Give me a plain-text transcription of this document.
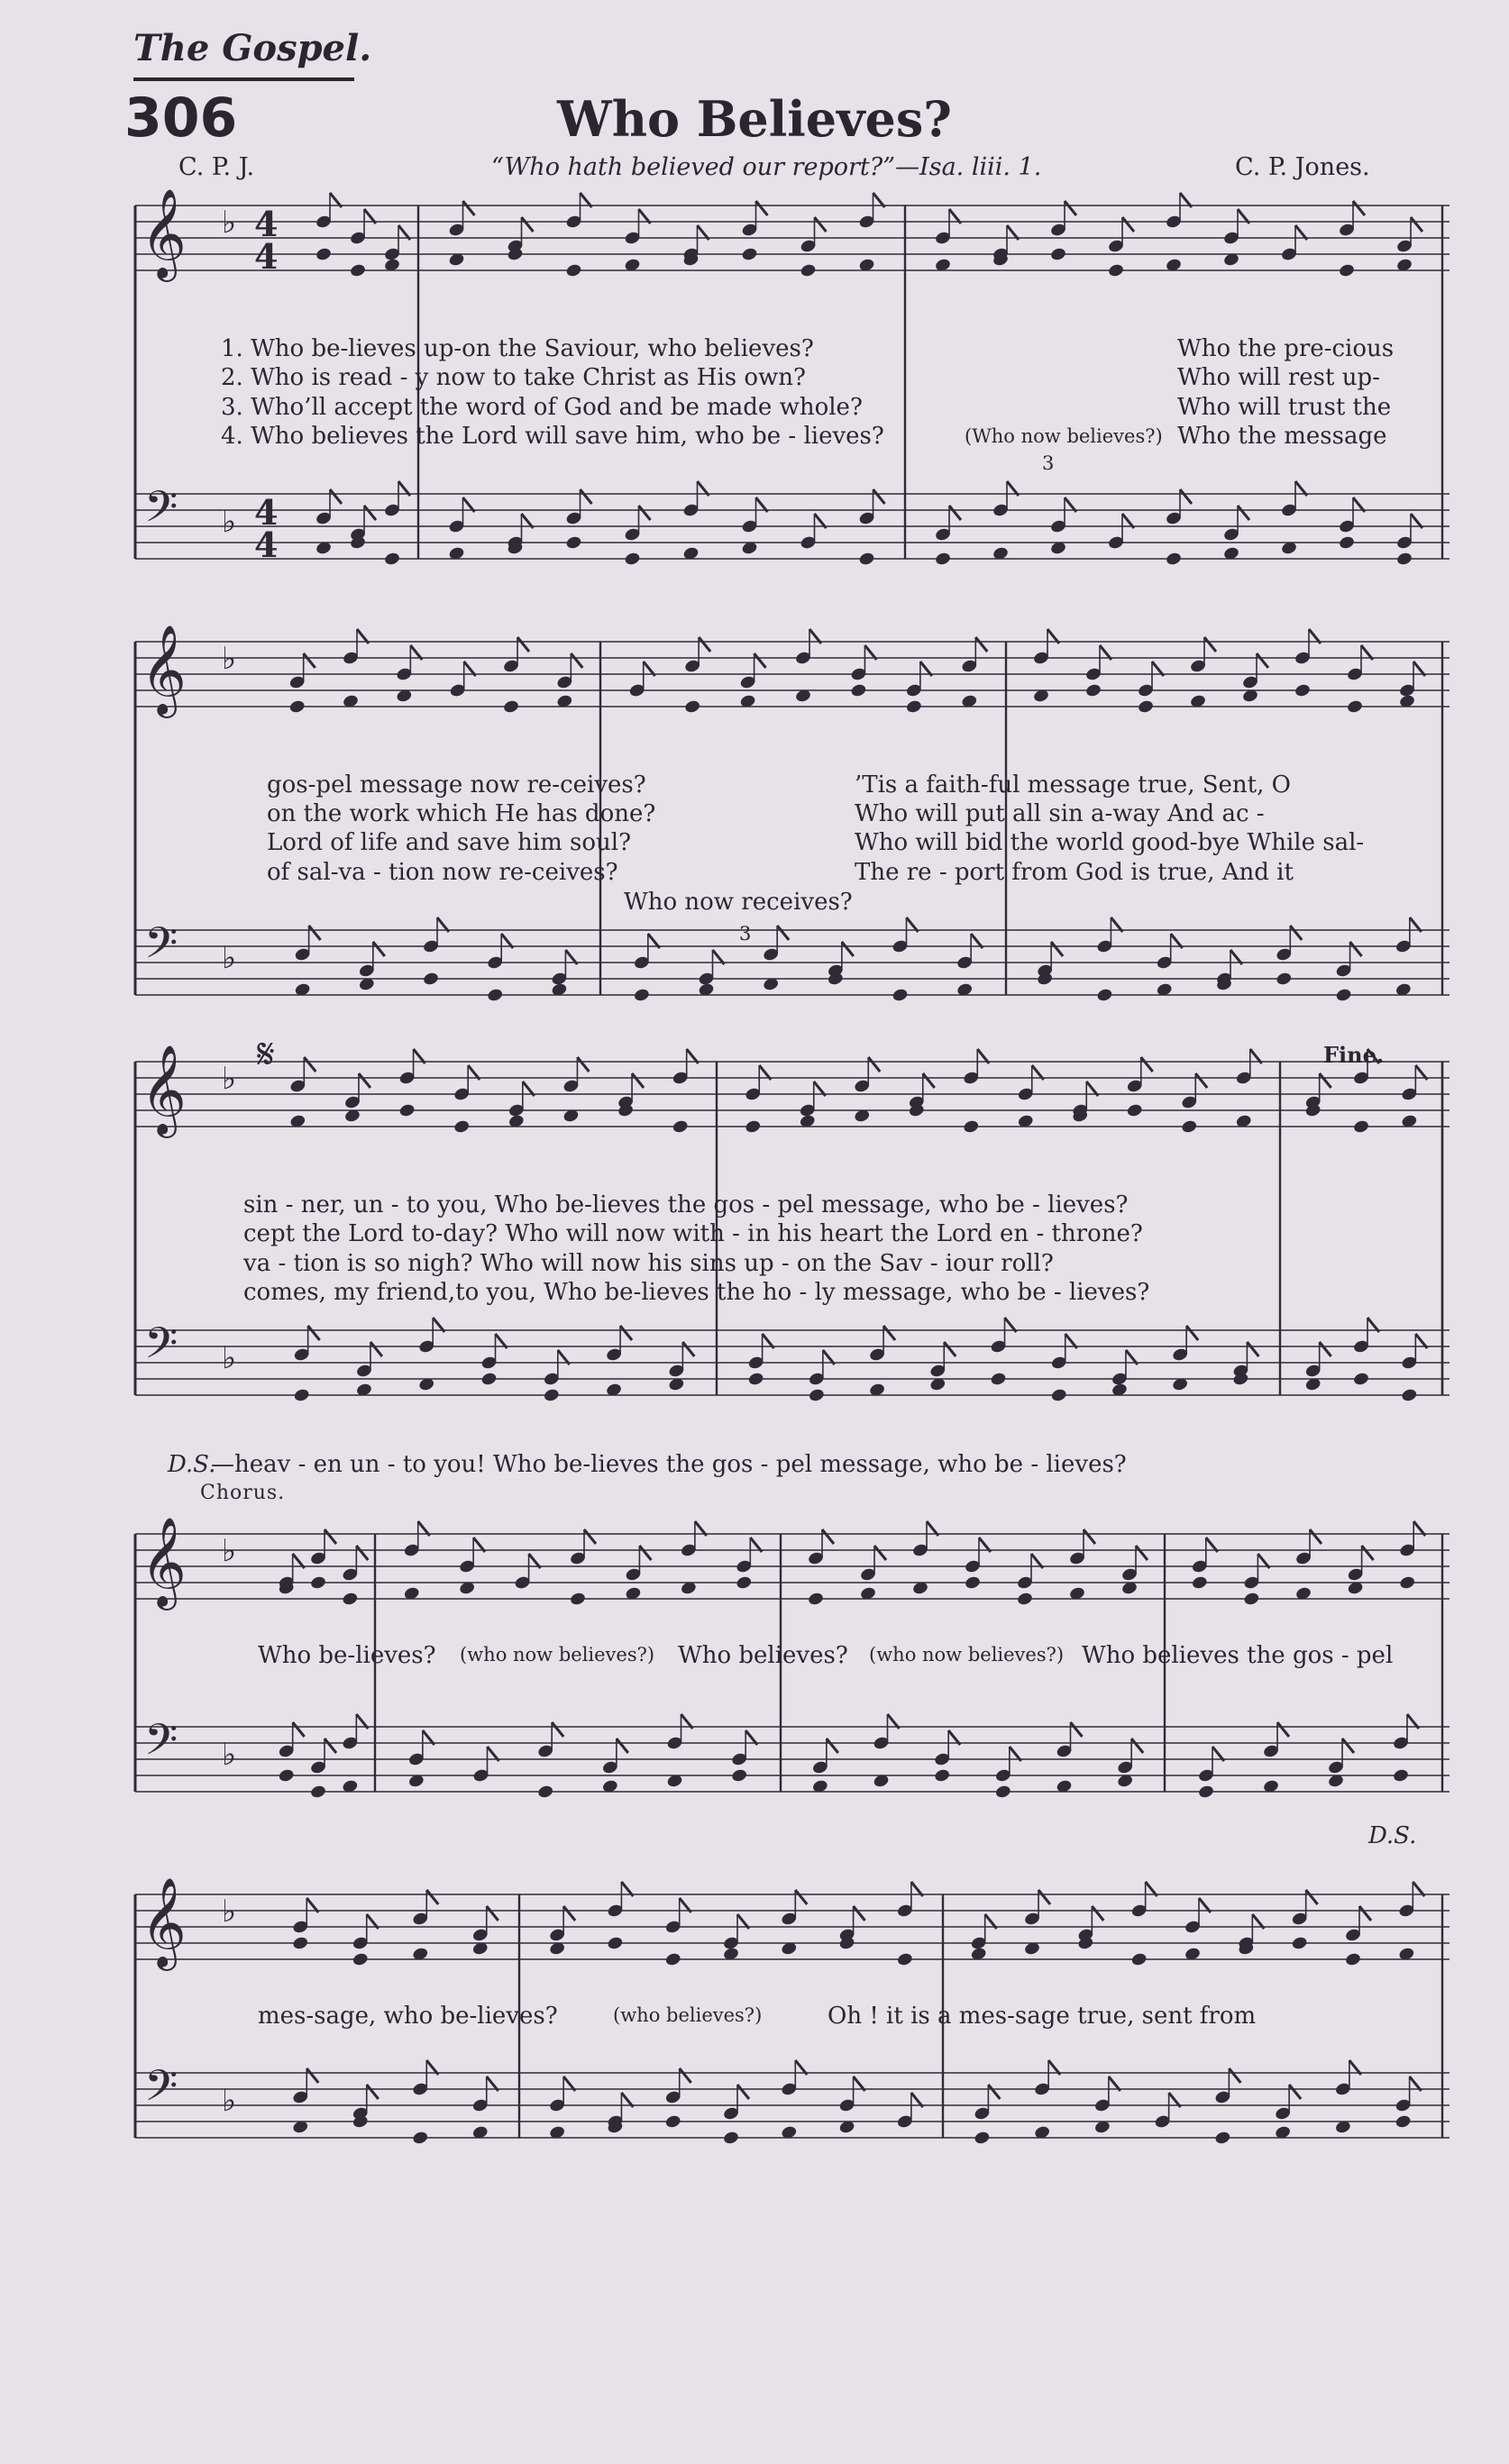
The Gospel.
306	Who Believes?
C. P. J.	“Who hath believed our report?”—Isa. liii. 1.	C. P. Jones.
𝄞
𝄢
♭
♭
4
4
4
4
𝄞
𝄢
♭
♭
𝄞
𝄢
♭
♭
𝄞
𝄢
♭
♭
𝄞
𝄢
♭
♭
1. Who be-lieves up-on the Saviour, who believes?
2. Who is read - y now to take Christ as His own?
3. Who’ll accept the word of God and be made whole?
4. Who believes the Lord will save him, who be - lieves?
Who the pre-cious
Who will rest up-
Who will trust the
Who the message
(Who now believes?)
3
gos-pel message now re-ceives?
on the work which He has done?
Lord of life and save him soul?
of sal-va - tion now re-ceives?
’Tis a faith-ful message true, Sent, O
Who will put all sin a-way And ac -
Who will bid the world good-bye While sal-
The re - port from God is true, And it
Who now receives?
3
𝄋	Fine.
sin - ner, un - to you, Who be-lieves the gos - pel message, who be - lieves?
cept the Lord to-day? Who will now with - in his heart the Lord en - throne?
va - tion is so nigh? Who will now his sins up - on the Sav - iour roll?
comes, my friend,to you, Who be-lieves the ho - ly message, who be - lieves?
D.S.
—heav - en un - to you! Who be-lieves the gos - pel message, who be - lieves?
Chorus.
Who be-lieves? (who now believes?) Who believes? (who now believes?) Who believes the gos - pel
D.S.
mes-sage, who be-lieves?	(who believes?)	Oh ! it is a mes-sage true, sent from
